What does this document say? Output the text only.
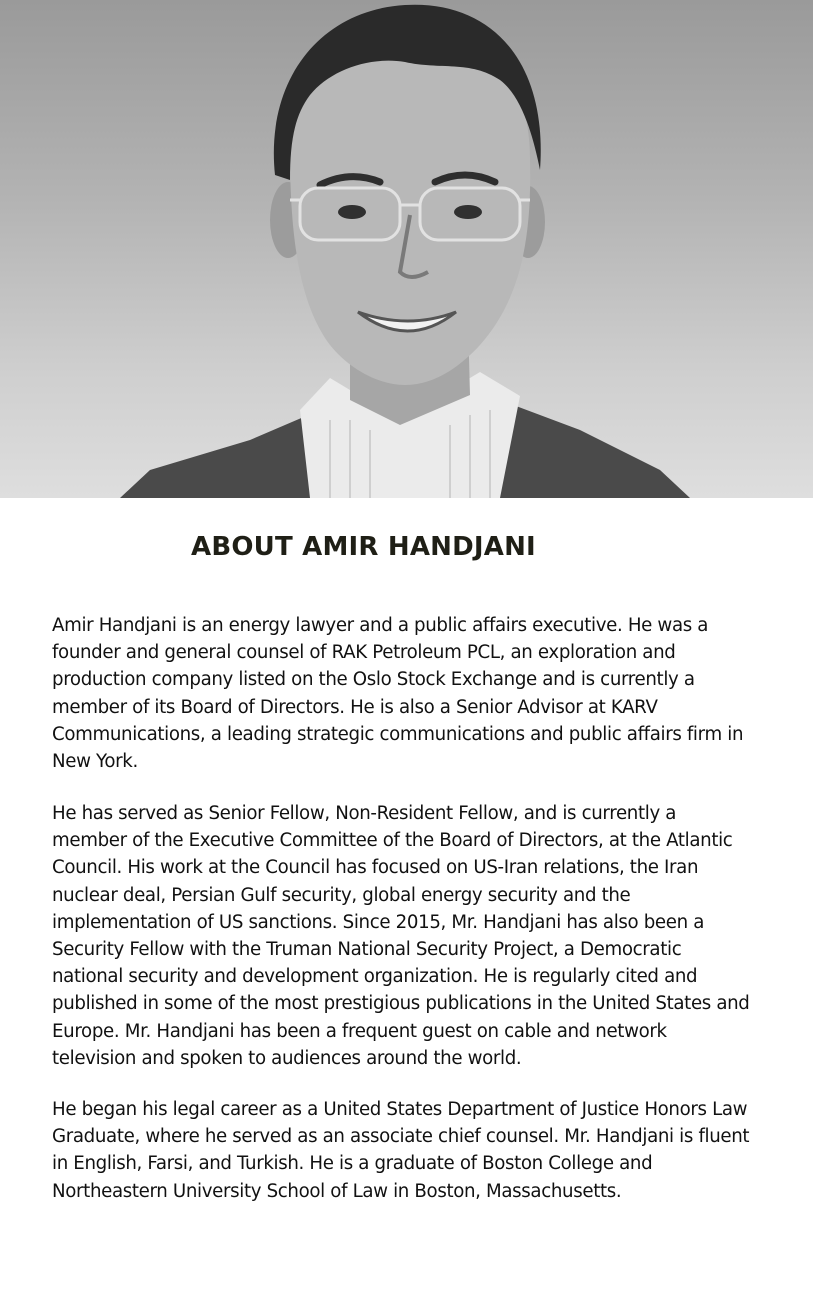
ABOUT AMIR HANDJANI

Amir Handjani is an energy lawyer and a public affairs executive. He was a founder and general counsel of RAK Petroleum PCL, an exploration and production company listed on the Oslo Stock Exchange and is currently a member of its Board of Directors. He is also a Senior Advisor at KARV Communications, a leading strategic communications and public affairs firm in New York.

He has served as Senior Fellow, Non-Resident Fellow, and is currently a member of the Executive Committee of the Board of Directors, at the Atlantic Council. His work at the Council has focused on US-Iran relations, the Iran nuclear deal, Persian Gulf security, global energy security and the implementation of US sanctions. Since 2015, Mr. Handjani has also been a Security Fellow with the Truman National Security Project, a Democratic national security and development organization. He is regularly cited and published in some of the most prestigious publications in the United States and Europe. Mr. Handjani has been a frequent guest on cable and network television and spoken to audiences around the world.

He began his legal career as a United States Department of Justice Honors Law Graduate, where he served as an associate chief counsel. Mr. Handjani is fluent in English, Farsi, and Turkish. He is a graduate of Boston College and Northeastern University School of Law in Boston, Massachusetts.
